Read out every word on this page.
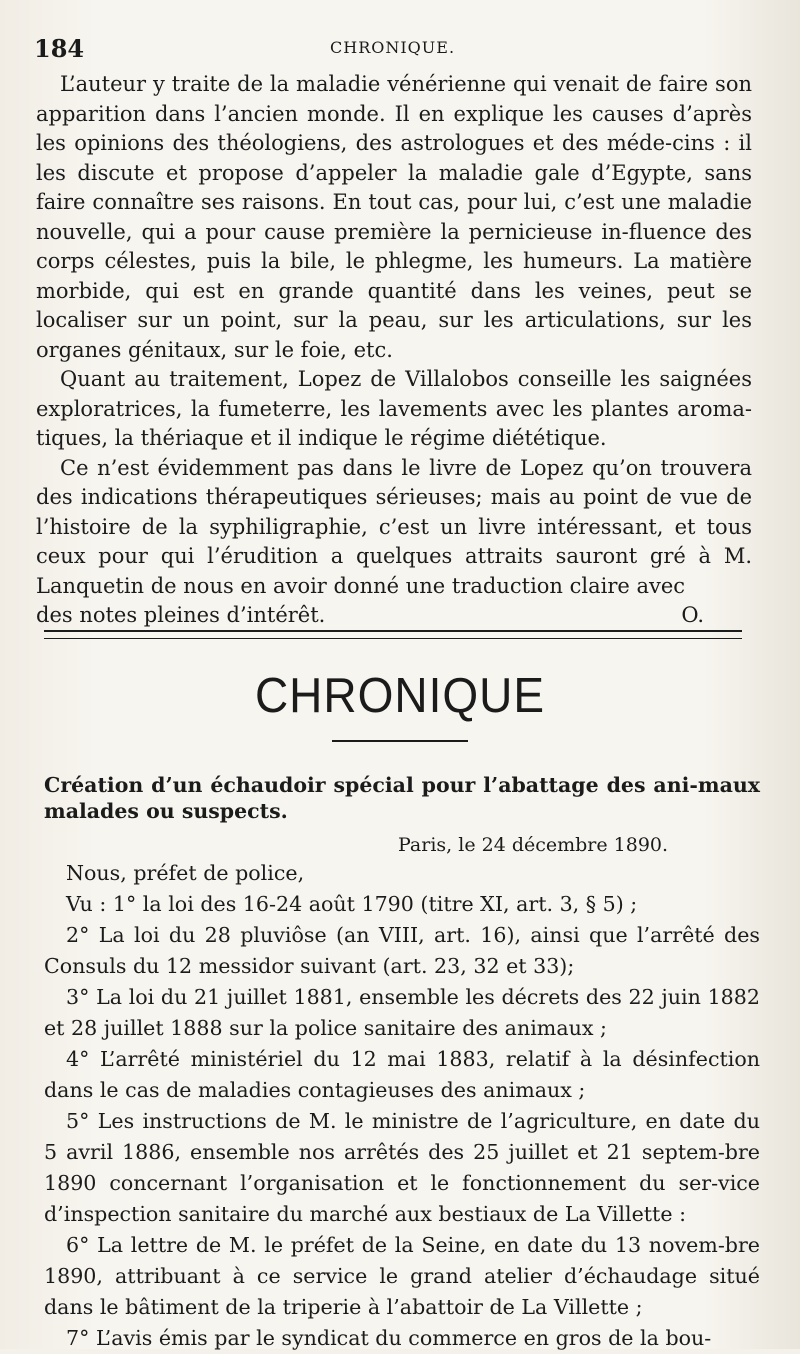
184	CHRONIQUE.

L’auteur y traite de la maladie vénérienne qui venait de faire son apparition dans l’ancien monde. Il en explique les causes d’après les opinions des théologiens, des astrologues et des méde-cins : il les discute et propose d’appeler la maladie gale d’Egypte, sans faire connaître ses raisons. En tout cas, pour lui, c’est une maladie nouvelle, qui a pour cause première la pernicieuse in-fluence des corps célestes, puis la bile, le phlegme, les humeurs. La matière morbide, qui est en grande quantité dans les veines, peut se localiser sur un point, sur la peau, sur les articulations, sur les organes génitaux, sur le foie, etc.

Quant au traitement, Lopez de Villalobos conseille les saignées exploratrices, la fumeterre, les lavements avec les plantes aroma-tiques, la thériaque et il indique le régime diététique.

Ce n’est évidemment pas dans le livre de Lopez qu’on trouvera des indications thérapeutiques sérieuses; mais au point de vue de l’histoire de la syphiligraphie, c’est un livre intéressant, et tous ceux pour qui l’érudition a quelques attraits sauront gré à M. Lanquetin de nous en avoir donné une traduction claire avec

des notes pleines d’intérêt.	O.

CHRONIQUE
Création d’un échaudoir spécial pour l’abattage des ani-maux malades ou suspects.
Paris, le 24 décembre 1890.

Nous, préfet de police,

Vu : 1° la loi des 16-24 août 1790 (titre XI, art. 3, § 5) ;

2° La loi du 28 pluviôse (an VIII, art. 16), ainsi que l’arrêté des Consuls du 12 messidor suivant (art. 23, 32 et 33);

3° La loi du 21 juillet 1881, ensemble les décrets des 22 juin 1882 et 28 juillet 1888 sur la police sanitaire des animaux ;

4° L’arrêté ministériel du 12 mai 1883, relatif à la désinfection dans le cas de maladies contagieuses des animaux ;

5° Les instructions de M. le ministre de l’agriculture, en date du 5 avril 1886, ensemble nos arrêtés des 25 juillet et 21 septem-bre 1890 concernant l’organisation et le fonctionnement du ser-vice d’inspection sanitaire du marché aux bestiaux de La Villette :

6° La lettre de M. le préfet de la Seine, en date du 13 novem-bre 1890, attribuant à ce service le grand atelier d’échaudage situé dans le bâtiment de la triperie à l’abattoir de La Villette ;

7° L’avis émis par le syndicat du commerce en gros de la bou-
